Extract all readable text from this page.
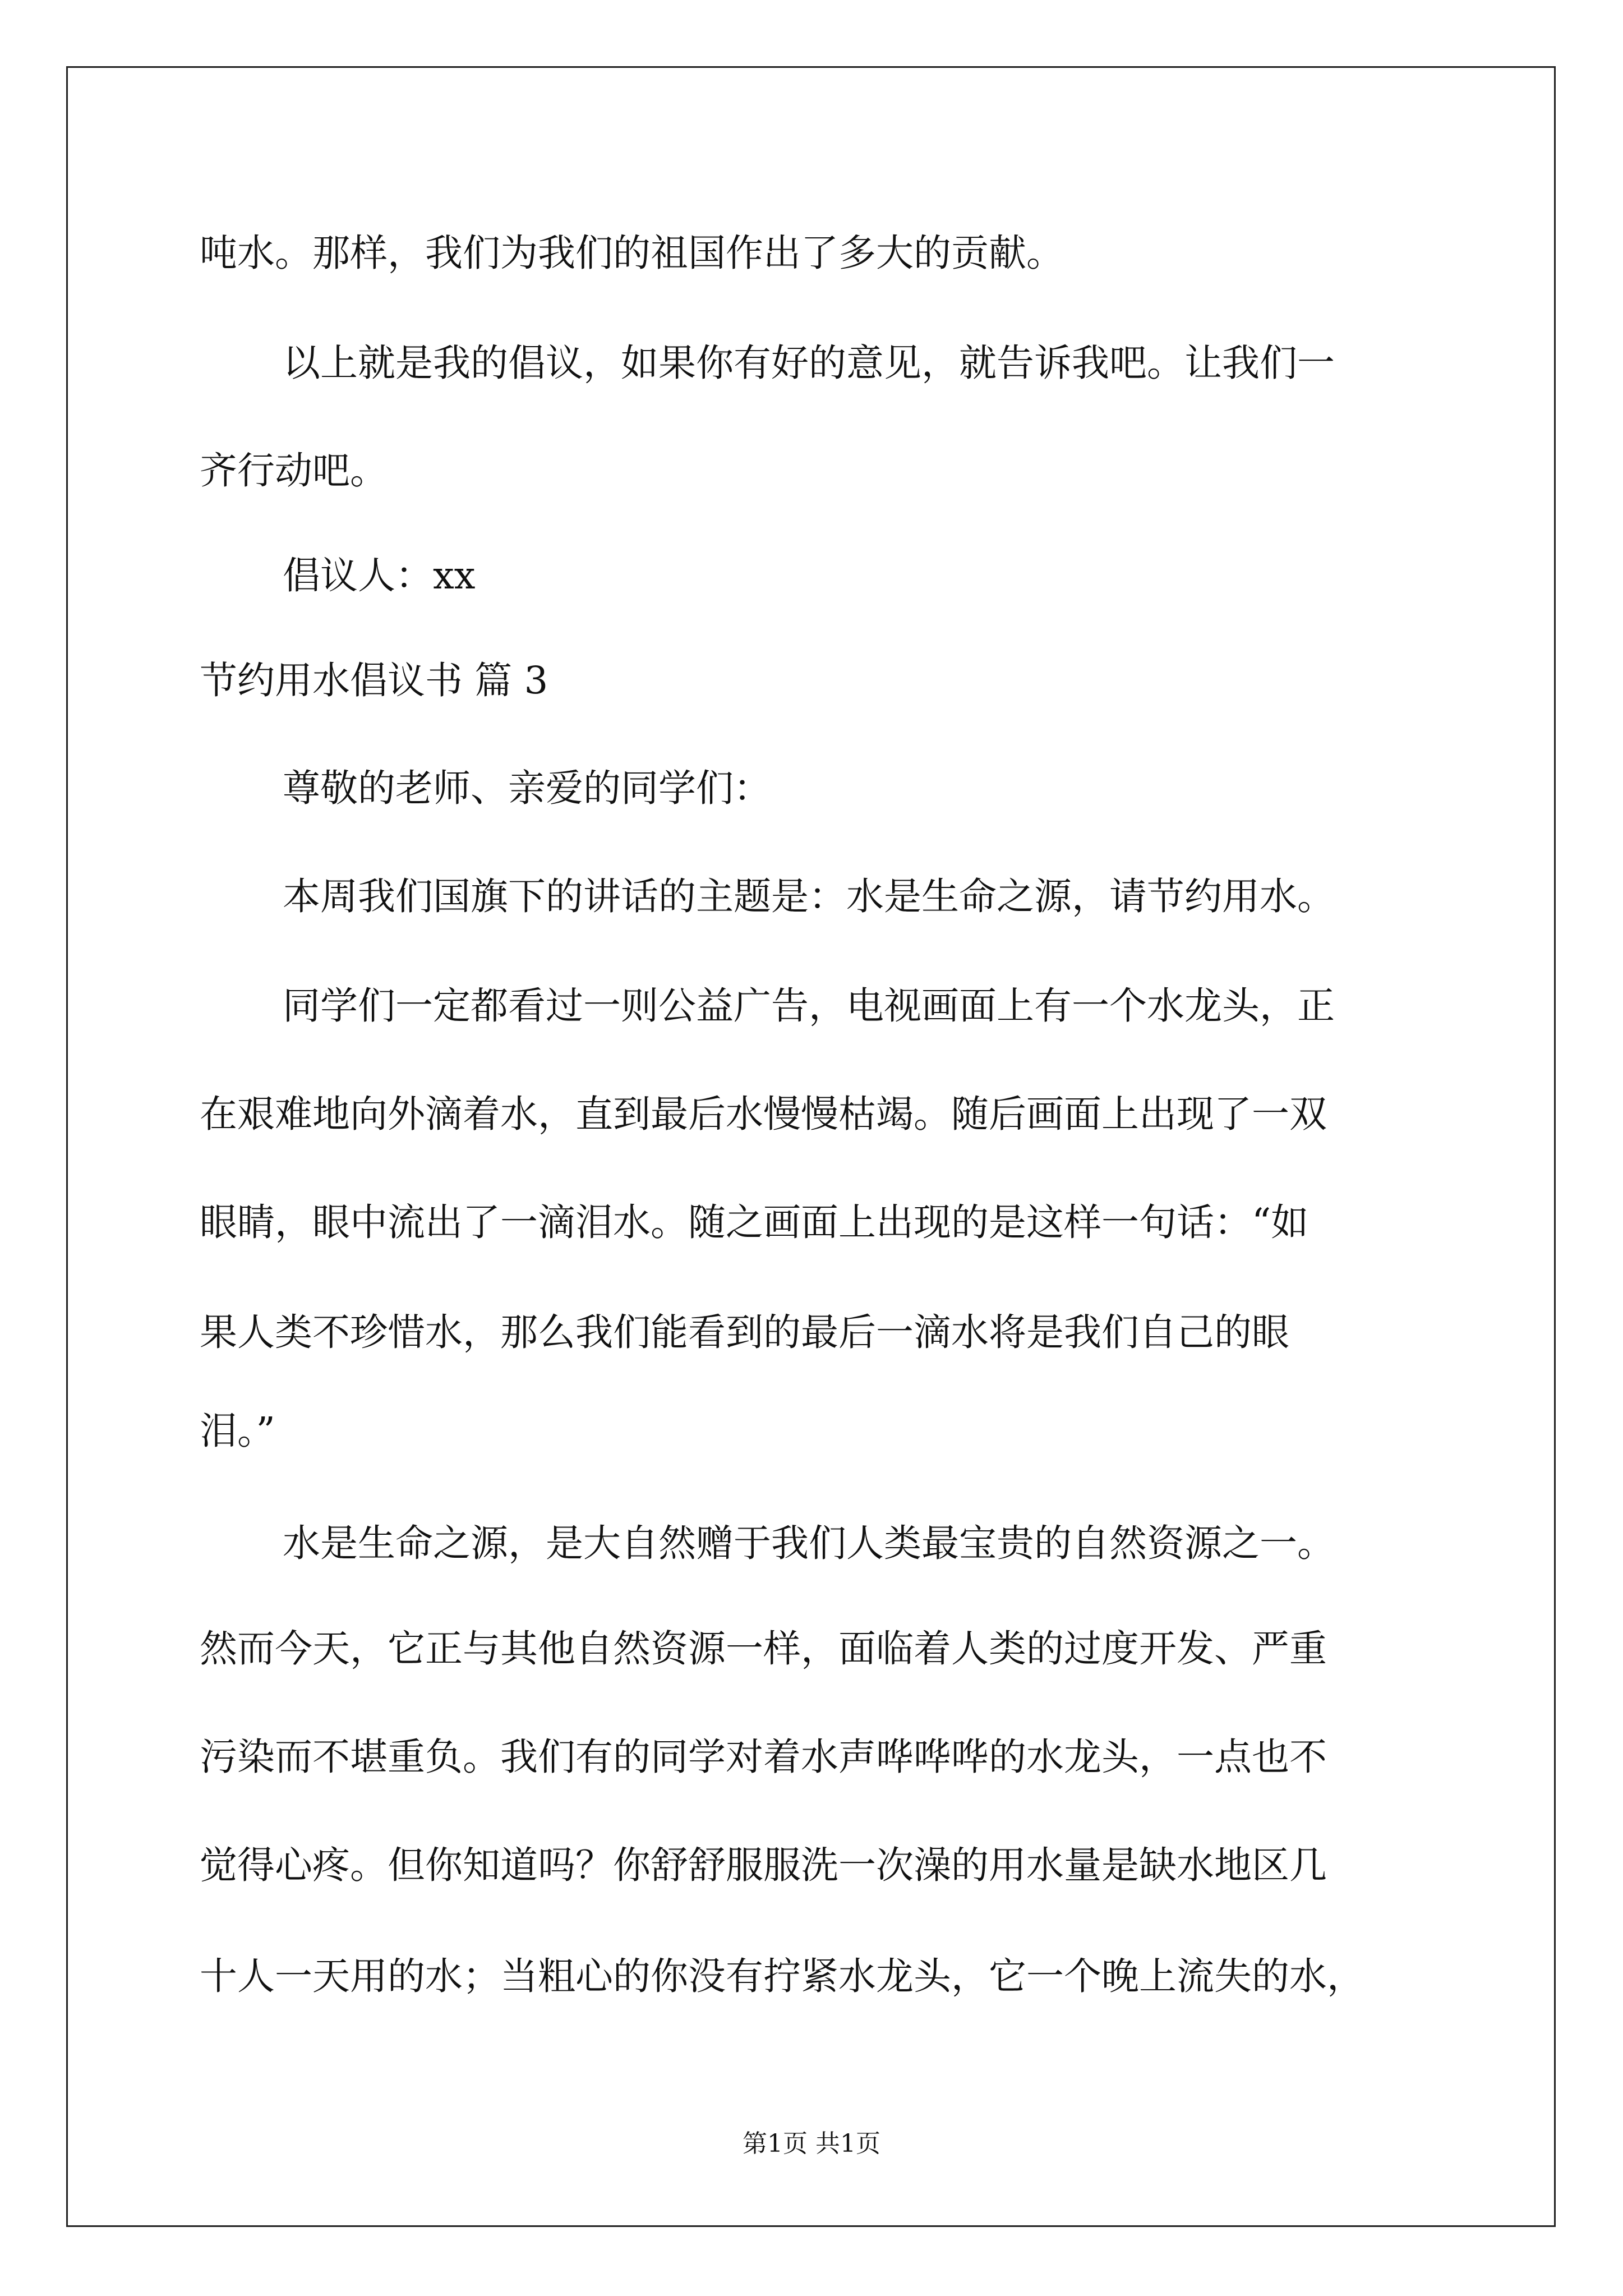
吨水。那样，我们为我们的祖国作出了多大的贡献。

以上就是我的倡议，如果你有好的意见，就告诉我吧。让我们一

齐行动吧。

倡议人：xx

节约用水倡议书 篇 3

尊敬的老师、亲爱的同学们：

本周我们国旗下的讲话的主题是：水是生命之源，请节约用水。

同学们一定都看过一则公益广告，电视画面上有一个水龙头，正

在艰难地向外滴着水，直到最后水慢慢枯竭。随后画面上出现了一双

眼睛，眼中流出了一滴泪水。随之画面上出现的是这样一句话：“如

果人类不珍惜水，那么我们能看到的最后一滴水将是我们自己的眼

泪。”

水是生命之源，是大自然赠于我们人类最宝贵的自然资源之一。

然而今天，它正与其他自然资源一样，面临着人类的过度开发、严重

污染而不堪重负。我们有的同学对着水声哗哗哗的水龙头，一点也不

觉得心疼。但你知道吗？你舒舒服服洗一次澡的用水量是缺水地区几

十人一天用的水；当粗心的你没有拧紧水龙头，它一个晚上流失的水，

第1页 共1页
